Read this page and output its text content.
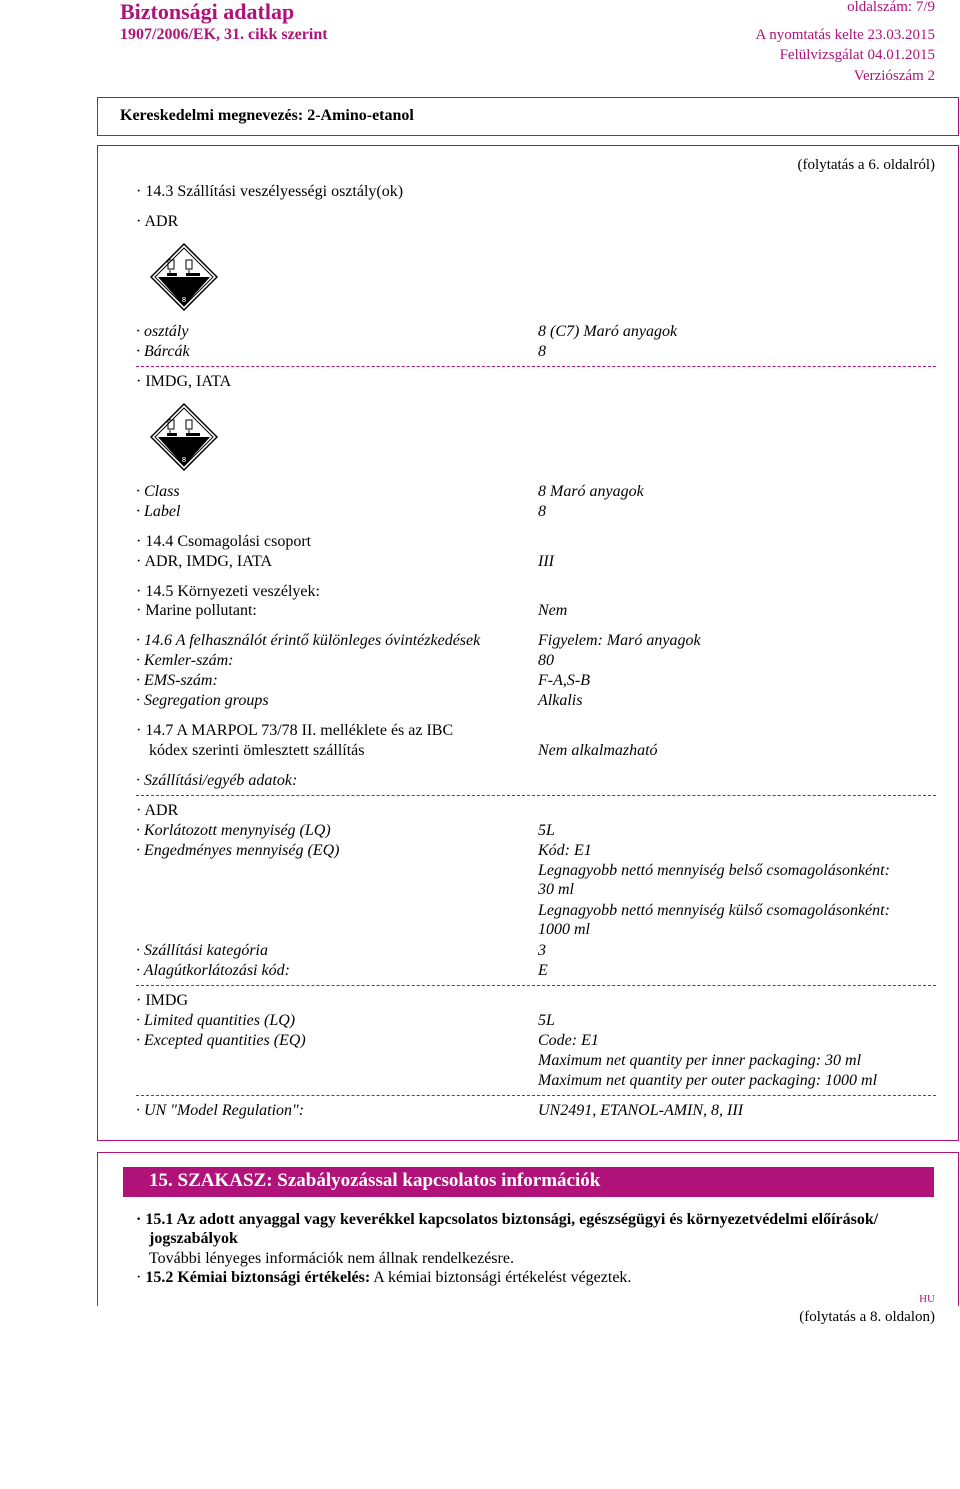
Biztonsági adatlap
1907/2006/EK, 31. cikk szerint
oldalszám: 7/9
A nyomtatás kelte 23.03.2015
Felülvizsgálat 04.01.2015
Verziószám 2
Kereskedelmi megnevezés: 2-Amino-etanol
(folytatás a 6. oldalról)
· 14.3 Szállítási veszélyességi osztály(ok)
· ADR
8
· osztály	8 (C7) Maró anyagok
· Bárcák	8
· IMDG, IATA
8
· Class	8 Maró anyagok
· Label	8
· 14.4 Csomagolási csoport
· ADR, IMDG, IATA	III
· 14.5 Környezeti veszélyek:
· Marine pollutant:	Nem
· 14.6 A felhasználót érintő különleges óvintézkedések	Figyelem: Maró anyagok
· Kemler-szám:	80
· EMS-szám:	F-A,S-B
· Segregation groups	Alkalis
· 14.7 A MARPOL 73/78 II. melléklete és az IBC
kódex szerinti ömlesztett szállítás	Nem alkalmazható
· Szállítási/egyéb adatok:
· ADR
· Korlátozott menynyiség (LQ)	5L
· Engedményes mennyiség (EQ)	Kód: E1
Legnagyobb nettó mennyiség belső csomagolásonként:
30 ml
Legnagyobb nettó mennyiség külső csomagolásonként:
1000 ml
· Szállítási kategória	3
· Alagútkorlátozási kód:	E
· IMDG
· Limited quantities (LQ)	5L
· Excepted quantities (EQ)	Code: E1
Maximum net quantity per inner packaging: 30 ml
Maximum net quantity per outer packaging: 1000 ml
· UN "Model Regulation":	UN2491, ETANOL-AMIN, 8, III
15. SZAKASZ: Szabályozással kapcsolatos információk
· 15.1 Az adott anyaggal vagy keverékkel kapcsolatos biztonsági, egészségügyi és környezetvédelmi előírások/
jogszabályok
További lényeges információk nem állnak rendelkezésre.
· 15.2 Kémiai biztonsági értékelés: A kémiai biztonsági értékelést végeztek.
HU
(folytatás a 8. oldalon)
